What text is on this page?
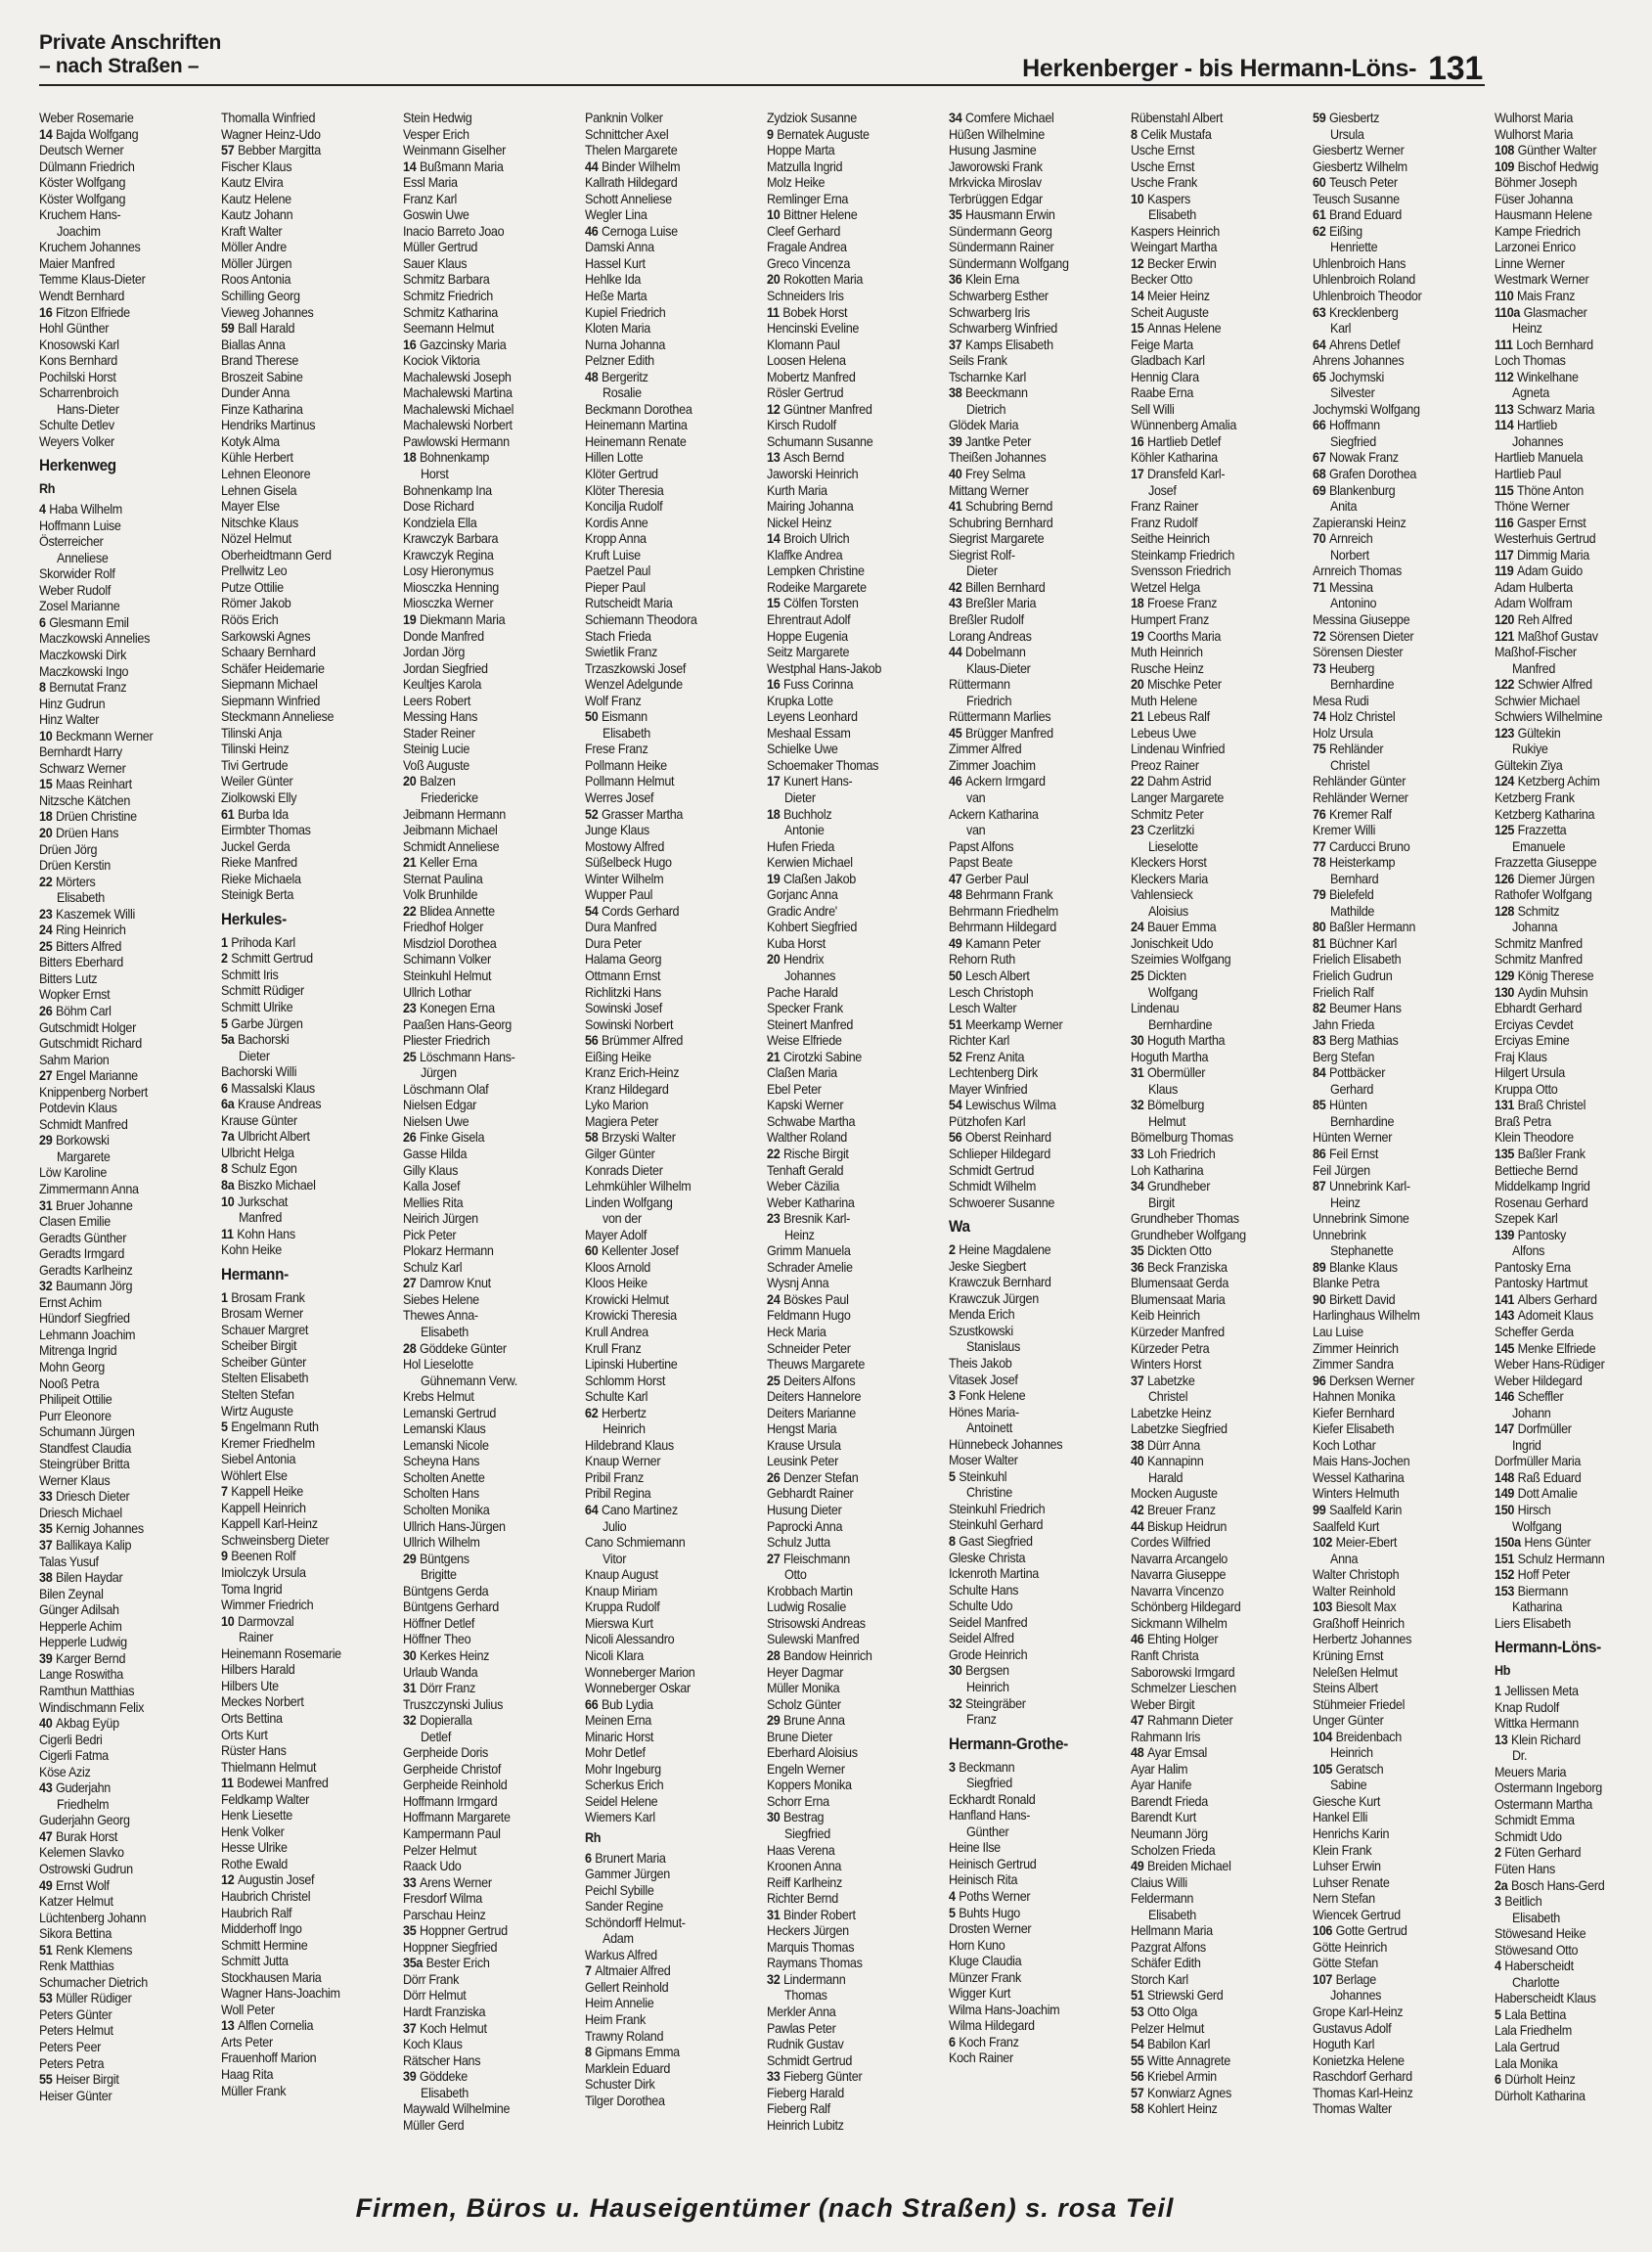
Private Anschriften
– nach Straßen –	Herkenberger - bis Hermann-Löns- 131
Weber Rosemarie
14 Bajda Wolfgang
Deutsch Werner
Dülmann Friedrich
Köster Wolfgang
Köster Wolfgang
Kruchem Hans-
Joachim
Kruchem Johannes
Maier Manfred
Temme Klaus-Dieter
Wendt Bernhard
16 Fitzon Elfriede
Hohl Günther
Knosowski Karl
Kons Bernhard
Pochilski Horst
Scharrenbroich
Hans-Dieter
Schulte Detlev
Weyers Volker
Herkenweg
Rh
4 Haba Wilhelm
Hoffmann Luise
Österreicher
Anneliese
Skorwider Rolf
Weber Rudolf
Zosel Marianne
6 Glesmann Emil
Maczkowski Annelies
Maczkowski Dirk
Maczkowski Ingo
8 Bernutat Franz
Hinz Gudrun
Hinz Walter
10 Beckmann Werner
Bernhardt Harry
Schwarz Werner
15 Maas Reinhart
Nitzsche Kätchen
18 Drüen Christine
20 Drüen Hans
Drüen Jörg
Drüen Kerstin
22 Mörters
Elisabeth
23 Kaszemek Willi
24 Ring Heinrich
25 Bitters Alfred
Bitters Eberhard
Bitters Lutz
Wopker Ernst
26 Böhm Carl
Gutschmidt Holger
Gutschmidt Richard
Sahm Marion
27 Engel Marianne
Knippenberg Norbert
Potdevin Klaus
Schmidt Manfred
29 Borkowski
Margarete
Löw Karoline
Zimmermann Anna
31 Bruer Johanne
Clasen Emilie
Geradts Günther
Geradts Irmgard
Geradts Karlheinz
32 Baumann Jörg
Ernst Achim
Hündorf Siegfried
Lehmann Joachim
Mitrenga Ingrid
Mohn Georg
Nooß Petra
Philipeit Ottilie
Purr Eleonore
Schumann Jürgen
Standfest Claudia
Steingrüber Britta
Werner Klaus
33 Driesch Dieter
Driesch Michael
35 Kernig Johannes
37 Ballikaya Kalip
Talas Yusuf
38 Bilen Haydar
Bilen Zeynal
Günger Adilsah
Hepperle Achim
Hepperle Ludwig
39 Karger Bernd
Lange Roswitha
Ramthun Matthias
Windischmann Felix
40 Akbag Eyüp
Cigerli Bedri
Cigerli Fatma
Köse Aziz
43 Guderjahn
Friedhelm
Guderjahn Georg
47 Burak Horst
Kelemen Slavko
Ostrowski Gudrun
49 Ernst Wolf
Katzer Helmut
Lüchtenberg Johann
Sikora Bettina
51 Renk Klemens
Renk Matthias
Schumacher Dietrich
53 Müller Rüdiger
Peters Günter
Peters Helmut
Peters Peer
Peters Petra
55 Heiser Birgit
Heiser Günter
Thomalla Winfried
Wagner Heinz-Udo
57 Bebber Margitta
Fischer Klaus
Kautz Elvira
Kautz Helene
Kautz Johann
Kraft Walter
Möller Andre
Möller Jürgen
Roos Antonia
Schilling Georg
Vieweg Johannes
59 Ball Harald
Biallas Anna
Brand Therese
Broszeit Sabine
Dunder Anna
Finze Katharina
Hendriks Martinus
Kotyk Alma
Kühle Herbert
Lehnen Eleonore
Lehnen Gisela
Mayer Else
Nitschke Klaus
Nözel Helmut
Oberheidtmann Gerd
Prellwitz Leo
Putze Ottilie
Römer Jakob
Röös Erich
Sarkowski Agnes
Schaary Bernhard
Schäfer Heidemarie
Siepmann Michael
Siepmann Winfried
Steckmann Anneliese
Tilinski Anja
Tilinski Heinz
Tivi Gertrude
Weiler Günter
Ziolkowski Elly
61 Burba Ida
Eirmbter Thomas
Juckel Gerda
Rieke Manfred
Rieke Michaela
Steinigk Berta
Herkules-
1 Prihoda Karl
2 Schmitt Gertrud
Schmitt Iris
Schmitt Rüdiger
Schmitt Ulrike
5 Garbe Jürgen
5a Bachorski
Dieter
Bachorski Willi
6 Massalski Klaus
6a Krause Andreas
Krause Günter
7a Ulbricht Albert
Ulbricht Helga
8 Schulz Egon
8a Biszko Michael
10 Jurkschat
Manfred
11 Kohn Hans
Kohn Heike
Hermann-
1 Brosam Frank
Brosam Werner
Schauer Margret
Scheiber Birgit
Scheiber Günter
Stelten Elisabeth
Stelten Stefan
Wirtz Auguste
5 Engelmann Ruth
Kremer Friedhelm
Siebel Antonia
Wöhlert Else
7 Kappell Heike
Kappell Heinrich
Kappell Karl-Heinz
Schweinsberg Dieter
9 Beenen Rolf
Imiolczyk Ursula
Toma Ingrid
Wimmer Friedrich
10 Darmovzal
Rainer
Heinemann Rosemarie
Hilbers Harald
Hilbers Ute
Meckes Norbert
Orts Bettina
Orts Kurt
Rüster Hans
Thielmann Helmut
11 Bodewei Manfred
Feldkamp Walter
Henk Liesette
Henk Volker
Hesse Ulrike
Rothe Ewald
12 Augustin Josef
Haubrich Christel
Haubrich Ralf
Midderhoff Ingo
Schmitt Hermine
Schmitt Jutta
Stockhausen Maria
Wagner Hans-Joachim
Woll Peter
13 Alflen Cornelia
Arts Peter
Frauenhoff Marion
Haag Rita
Müller Frank
Stein Hedwig
Vesper Erich
Weinmann Giselher
14 Bußmann Maria
Essl Maria
Franz Karl
Goswin Uwe
Inacio Barreto Joao
Müller Gertrud
Sauer Klaus
Schmitz Barbara
Schmitz Friedrich
Schmitz Katharina
Seemann Helmut
16 Gazcinsky Maria
Kociok Viktoria
Machalewski Joseph
Machalewski Martina
Machalewski Michael
Machalewski Norbert
Pawlowski Hermann
18 Bohnenkamp
Horst
Bohnenkamp Ina
Dose Richard
Kondziela Ella
Krawczyk Barbara
Krawczyk Regina
Losy Hieronymus
Miosczka Henning
Miosczka Werner
19 Diekmann Maria
Donde Manfred
Jordan Jörg
Jordan Siegfried
Keultjes Karola
Leers Robert
Messing Hans
Stader Reiner
Steinig Lucie
Voß Auguste
20 Balzen
Friedericke
Jeibmann Hermann
Jeibmann Michael
Schmidt Anneliese
21 Keller Erna
Sternat Paulina
Volk Brunhilde
22 Blidea Annette
Friedhof Holger
Misdziol Dorothea
Schimann Volker
Steinkuhl Helmut
Ullrich Lothar
23 Konegen Erna
Paaßen Hans-Georg
Pliester Friedrich
25 Löschmann Hans-
Jürgen
Löschmann Olaf
Nielsen Edgar
Nielsen Uwe
26 Finke Gisela
Gasse Hilda
Gilly Klaus
Kalla Josef
Mellies Rita
Neirich Jürgen
Pick Peter
Plokarz Hermann
Schulz Karl
27 Damrow Knut
Siebes Helene
Thewes Anna-
Elisabeth
28 Göddeke Günter
Hol Lieselotte
Gühnemann Verw.
Krebs Helmut
Lemanski Gertrud
Lemanski Klaus
Lemanski Nicole
Scheyna Hans
Scholten Anette
Scholten Hans
Scholten Monika
Ullrich Hans-Jürgen
Ullrich Wilhelm
29 Büntgens
Brigitte
Büntgens Gerda
Büntgens Gerhard
Höffner Detlef
Höffner Theo
30 Kerkes Heinz
Urlaub Wanda
31 Dörr Franz
Truszczynski Julius
32 Dopieralla
Detlef
Gerpheide Doris
Gerpheide Christof
Gerpheide Reinhold
Hoffmann Irmgard
Hoffmann Margarete
Kampermann Paul
Pelzer Helmut
Raack Udo
33 Arens Werner
Fresdorf Wilma
Parschau Heinz
35 Hoppner Gertrud
Hoppner Siegfried
35a Bester Erich
Dörr Frank
Dörr Helmut
Hardt Franziska
37 Koch Helmut
Koch Klaus
Rätscher Hans
39 Göddeke
Elisabeth
Maywald Wilhelmine
Müller Gerd
Panknin Volker
Schnittcher Axel
Thelen Margarete
44 Binder Wilhelm
Kallrath Hildegard
Schott Anneliese
Wegler Lina
46 Cernoga Luise
Damski Anna
Hassel Kurt
Hehlke Ida
Heße Marta
Kupiel Friedrich
Kloten Maria
Nurna Johanna
Pelzner Edith
48 Bergeritz
Rosalie
Beckmann Dorothea
Heinemann Martina
Heinemann Renate
Hillen Lotte
Klöter Gertrud
Klöter Theresia
Koncilja Rudolf
Kordis Anne
Kropp Anna
Kruft Luise
Paetzel Paul
Pieper Paul
Rutscheidt Maria
Schiemann Theodora
Stach Frieda
Swietlik Franz
Trzaszkowski Josef
Wenzel Adelgunde
Wolf Franz
50 Eismann
Elisabeth
Frese Franz
Pollmann Heike
Pollmann Helmut
Werres Josef
52 Grasser Martha
Junge Klaus
Mostowy Alfred
Süßelbeck Hugo
Winter Wilhelm
Wupper Paul
54 Cords Gerhard
Dura Manfred
Dura Peter
Halama Georg
Ottmann Ernst
Richlitzki Hans
Sowinski Josef
Sowinski Norbert
56 Brümmer Alfred
Eißing Heike
Kranz Erich-Heinz
Kranz Hildegard
Lyko Marion
Magiera Peter
58 Brzyski Walter
Gilger Günter
Konrads Dieter
Lehmkühler Wilhelm
Linden Wolfgang
von der
Mayer Adolf
60 Kellenter Josef
Kloos Arnold
Kloos Heike
Krowicki Helmut
Krowicki Theresia
Krull Andrea
Krull Franz
Lipinski Hubertine
Schlomm Horst
Schulte Karl
62 Herbertz
Heinrich
Hildebrand Klaus
Knaup Werner
Pribil Franz
Pribil Regina
64 Cano Martinez
Julio
Cano Schmiemann
Vitor
Knaup August
Knaup Miriam
Kruppa Rudolf
Mierswa Kurt
Nicoli Alessandro
Nicoli Klara
Wonneberger Marion
Wonneberger Oskar
66 Bub Lydia
Meinen Erna
Minaric Horst
Mohr Detlef
Mohr Ingeburg
Scherkus Erich
Seidel Helene
Wiemers Karl
Rh
6 Brunert Maria
Gammer Jürgen
Peichl Sybille
Sander Regine
Schöndorff Helmut-
Adam
Warkus Alfred
7 Altmaier Alfred
Gellert Reinhold
Heim Annelie
Heim Frank
Trawny Roland
8 Gipmans Emma
Marklein Eduard
Schuster Dirk
Tilger Dorothea
Zydziok Susanne
9 Bernatek Auguste
Hoppe Marta
Matzulla Ingrid
Molz Heike
Remlinger Erna
10 Bittner Helene
Cleef Gerhard
Fragale Andrea
Greco Vincenza
20 Rokotten Maria
Schneiders Iris
11 Bobek Horst
Hencinski Eveline
Klomann Paul
Loosen Helena
Mobertz Manfred
Rösler Gertrud
12 Güntner Manfred
Kirsch Rudolf
Schumann Susanne
13 Asch Bernd
Jaworski Heinrich
Kurth Maria
Mairing Johanna
Nickel Heinz
14 Broich Ulrich
Klaffke Andrea
Lempken Christine
Rodeike Margarete
15 Cölfen Torsten
Ehrentraut Adolf
Hoppe Eugenia
Seitz Margarete
Westphal Hans-Jakob
16 Fuss Corinna
Krupka Lotte
Leyens Leonhard
Meshaal Essam
Schielke Uwe
Schoemaker Thomas
17 Kunert Hans-
Dieter
18 Buchholz
Antonie
Hufen Frieda
Kerwien Michael
19 Claßen Jakob
Gorjanc Anna
Gradic Andre'
Kohbert Siegfried
Kuba Horst
20 Hendrix
Johannes
Pache Harald
Specker Frank
Steinert Manfred
Weise Elfriede
21 Cirotzki Sabine
Claßen Maria
Ebel Peter
Kapski Werner
Schwabe Martha
Walther Roland
22 Rische Birgit
Tenhaft Gerald
Weber Cäzilia
Weber Katharina
23 Bresnik Karl-
Heinz
Grimm Manuela
Schrader Amelie
Wysnj Anna
24 Böskes Paul
Feldmann Hugo
Heck Maria
Schneider Peter
Theuws Margarete
25 Deiters Alfons
Deiters Hannelore
Deiters Marianne
Hengst Maria
Krause Ursula
Leusink Peter
26 Denzer Stefan
Gebhardt Rainer
Husung Dieter
Paprocki Anna
Schulz Jutta
27 Fleischmann
Otto
Krobbach Martin
Ludwig Rosalie
Strisowski Andreas
Sulewski Manfred
28 Bandow Heinrich
Heyer Dagmar
Müller Monika
Scholz Günter
29 Brune Anna
Brune Dieter
Eberhard Aloisius
Engeln Werner
Koppers Monika
Schorr Erna
30 Bestrag
Siegfried
Haas Verena
Kroonen Anna
Reiff Karlheinz
Richter Bernd
31 Binder Robert
Heckers Jürgen
Marquis Thomas
Raymans Thomas
32 Lindermann
Thomas
Merkler Anna
Pawlas Peter
Rudnik Gustav
Schmidt Gertrud
33 Fieberg Günter
Fieberg Harald
Fieberg Ralf
Heinrich Lubitz
34 Comfere Michael
Hüßen Wilhelmine
Husung Jasmine
Jaworowski Frank
Mrkvicka Miroslav
Terbrüggen Edgar
35 Hausmann Erwin
Sündermann Georg
Sündermann Rainer
Sündermann Wolfgang
36 Klein Erna
Schwarberg Esther
Schwarberg Iris
Schwarberg Winfried
37 Kamps Elisabeth
Seils Frank
Tscharnke Karl
38 Beeckmann
Dietrich
Glödek Maria
39 Jantke Peter
Theißen Johannes
40 Frey Selma
Mittang Werner
41 Schubring Bernd
Schubring Bernhard
Siegrist Margarete
Siegrist Rolf-
Dieter
42 Billen Bernhard
43 Breßler Maria
Breßler Rudolf
Lorang Andreas
44 Dobelmann
Klaus-Dieter
Rüttermann
Friedrich
Rüttermann Marlies
45 Brügger Manfred
Zimmer Alfred
Zimmer Joachim
46 Ackern Irmgard
van
Ackern Katharina
van
Papst Alfons
Papst Beate
47 Gerber Paul
48 Behrmann Frank
Behrmann Friedhelm
Behrmann Hildegard
49 Kamann Peter
Rehorn Ruth
50 Lesch Albert
Lesch Christoph
Lesch Walter
51 Meerkamp Werner
Richter Karl
52 Frenz Anita
Lechtenberg Dirk
Mayer Winfried
54 Lewischus Wilma
Pützhofen Karl
56 Oberst Reinhard
Schlieper Hildegard
Schmidt Gertrud
Schmidt Wilhelm
Schwoerer Susanne
Wa
2 Heine Magdalene
Jeske Siegbert
Krawczuk Bernhard
Krawczuk Jürgen
Menda Erich
Szustkowski
Stanislaus
Theis Jakob
Vitasek Josef
3 Fonk Helene
Hönes Maria-
Antoinett
Hünnebeck Johannes
Moser Walter
5 Steinkuhl
Christine
Steinkuhl Friedrich
Steinkuhl Gerhard
8 Gast Siegfried
Gleske Christa
Ickenroth Martina
Schulte Hans
Schulte Udo
Seidel Manfred
Seidel Alfred
Grode Heinrich
30 Bergsen
Heinrich
32 Steingräber
Franz
Hermann-Grothe-
3 Beckmann
Siegfried
Eckhardt Ronald
Hanfland Hans-
Günther
Heine Ilse
Heinisch Gertrud
Heinisch Rita
4 Poths Werner
5 Buhts Hugo
Drosten Werner
Horn Kuno
Kluge Claudia
Münzer Frank
Wigger Kurt
Wilma Hans-Joachim
Wilma Hildegard
6 Koch Franz
Koch Rainer
Rübenstahl Albert
8 Celik Mustafa
Usche Ernst
Usche Ernst
Usche Frank
10 Kaspers
Elisabeth
Kaspers Heinrich
Weingart Martha
12 Becker Erwin
Becker Otto
14 Meier Heinz
Scheit Auguste
15 Annas Helene
Feige Marta
Gladbach Karl
Hennig Clara
Raabe Erna
Sell Willi
Wünnenberg Amalia
16 Hartlieb Detlef
Köhler Katharina
17 Dransfeld Karl-
Josef
Franz Rainer
Franz Rudolf
Seithe Heinrich
Steinkamp Friedrich
Svensson Friedrich
Wetzel Helga
18 Froese Franz
Humpert Franz
19 Coorths Maria
Muth Heinrich
Rusche Heinz
20 Mischke Peter
Muth Helene
21 Lebeus Ralf
Lebeus Uwe
Lindenau Winfried
Preoz Rainer
22 Dahm Astrid
Langer Margarete
Schmitz Peter
23 Czerlitzki
Lieselotte
Kleckers Horst
Kleckers Maria
Vahlensieck
Aloisius
24 Bauer Emma
Jonischkeit Udo
Szeimies Wolfgang
25 Dickten
Wolfgang
Lindenau
Bernhardine
30 Hoguth Martha
Hoguth Martha
31 Obermüller
Klaus
32 Bömelburg
Helmut
Bömelburg Thomas
33 Loh Friedrich
Loh Katharina
34 Grundheber
Birgit
Grundheber Thomas
Grundheber Wolfgang
35 Dickten Otto
36 Beck Franziska
Blumensaat Gerda
Blumensaat Maria
Keib Heinrich
Kürzeder Manfred
Kürzeder Petra
Winters Horst
37 Labetzke
Christel
Labetzke Heinz
Labetzke Siegfried
38 Dürr Anna
40 Kannapinn
Harald
Mocken Auguste
42 Breuer Franz
44 Biskup Heidrun
Cordes Wilfried
Navarra Arcangelo
Navarra Giuseppe
Navarra Vincenzo
Schönberg Hildegard
Sickmann Wilhelm
46 Ehting Holger
Ranft Christa
Saborowski Irmgard
Schmelzer Lieschen
Weber Birgit
47 Rahmann Dieter
Rahmann Iris
48 Ayar Emsal
Ayar Halim
Ayar Hanife
Barendt Frieda
Barendt Kurt
Neumann Jörg
Scholzen Frieda
49 Breiden Michael
Claius Willi
Feldermann
Elisabeth
Hellmann Maria
Pazgrat Alfons
Schäfer Edith
Storch Karl
51 Striewski Gerd
53 Otto Olga
Pelzer Helmut
54 Babilon Karl
55 Witte Annagrete
56 Kriebel Armin
57 Konwiarz Agnes
58 Kohlert Heinz
59 Giesbertz
Ursula
Giesbertz Werner
Giesbertz Wilhelm
60 Teusch Peter
Teusch Susanne
61 Brand Eduard
62 Eißing
Henriette
Uhlenbroich Hans
Uhlenbroich Roland
Uhlenbroich Theodor
63 Krecklenberg
Karl
64 Ahrens Detlef
Ahrens Johannes
65 Jochymski
Silvester
Jochymski Wolfgang
66 Hoffmann
Siegfried
67 Nowak Franz
68 Grafen Dorothea
69 Blankenburg
Anita
Zapieranski Heinz
70 Arnreich
Norbert
Arnreich Thomas
71 Messina
Antonino
Messina Giuseppe
72 Sörensen Dieter
Sörensen Diester
73 Heuberg
Bernhardine
Mesa Rudi
74 Holz Christel
Holz Ursula
75 Rehländer
Christel
Rehländer Günter
Rehländer Werner
76 Kremer Ralf
Kremer Willi
77 Carducci Bruno
78 Heisterkamp
Bernhard
79 Bielefeld
Mathilde
80 Baßler Hermann
81 Büchner Karl
Frielich Elisabeth
Frielich Gudrun
Frielich Ralf
82 Beumer Hans
Jahn Frieda
83 Berg Mathias
Berg Stefan
84 Pottbäcker
Gerhard
85 Hünten
Bernhardine
Hünten Werner
86 Feil Ernst
Feil Jürgen
87 Unnebrink Karl-
Heinz
Unnebrink Simone
Unnebrink
Stephanette
89 Blanke Klaus
Blanke Petra
90 Birkett David
Harlinghaus Wilhelm
Lau Luise
Zimmer Heinrich
Zimmer Sandra
96 Derksen Werner
Hahnen Monika
Kiefer Bernhard
Kiefer Elisabeth
Koch Lothar
Mais Hans-Jochen
Wessel Katharina
Winters Helmuth
99 Saalfeld Karin
Saalfeld Kurt
102 Meier-Ebert
Anna
Walter Christoph
Walter Reinhold
103 Biesolt Max
Graßhoff Heinrich
Herbertz Johannes
Krüning Ernst
Neleßen Helmut
Steins Albert
Stühmeier Friedel
Unger Günter
104 Breidenbach
Heinrich
105 Geratsch
Sabine
Giesche Kurt
Hankel Elli
Henrichs Karin
Klein Frank
Luhser Erwin
Luhser Renate
Nern Stefan
Wiencek Gertrud
106 Gotte Gertrud
Götte Heinrich
Götte Stefan
107 Berlage
Johannes
Grope Karl-Heinz
Gustavus Adolf
Hoguth Karl
Konietzka Helene
Raschdorf Gerhard
Thomas Karl-Heinz
Thomas Walter
Wulhorst Maria
Wulhorst Maria
108 Günther Walter
109 Bischof Hedwig
Böhmer Joseph
Füser Johanna
Hausmann Helene
Kampe Friedrich
Larzonei Enrico
Linne Werner
Westmark Werner
110 Mais Franz
110a Glasmacher
Heinz
111 Loch Bernhard
Loch Thomas
112 Winkelhane
Agneta
113 Schwarz Maria
114 Hartlieb
Johannes
Hartlieb Manuela
Hartlieb Paul
115 Thöne Anton
Thöne Werner
116 Gasper Ernst
Westerhuis Gertrud
117 Dimmig Maria
119 Adam Guido
Adam Hulberta
Adam Wolfram
120 Reh Alfred
121 Maßhof Gustav
Maßhof-Fischer
Manfred
122 Schwier Alfred
Schwier Michael
Schwiers Wilhelmine
123 Gültekin
Rukiye
Gültekin Ziya
124 Ketzberg Achim
Ketzberg Frank
Ketzberg Katharina
125 Frazzetta
Emanuele
Frazzetta Giuseppe
126 Diemer Jürgen
Rathofer Wolfgang
128 Schmitz
Johanna
Schmitz Manfred
Schmitz Manfred
129 König Therese
130 Aydin Muhsin
Ebhardt Gerhard
Erciyas Cevdet
Erciyas Emine
Fraj Klaus
Hilgert Ursula
Kruppa Otto
131 Braß Christel
Braß Petra
Klein Theodore
135 Baßler Frank
Bettieche Bernd
Middelkamp Ingrid
Rosenau Gerhard
Szepek Karl
139 Pantosky
Alfons
Pantosky Erna
Pantosky Hartmut
141 Albers Gerhard
143 Adomeit Klaus
Scheffer Gerda
145 Menke Elfriede
Weber Hans-Rüdiger
Weber Hildegard
146 Scheffler
Johann
147 Dorfmüller
Ingrid
Dorfmüller Maria
148 Raß Eduard
149 Dott Amalie
150 Hirsch
Wolfgang
150a Hens Günter
151 Schulz Hermann
152 Hoff Peter
153 Biermann
Katharina
Liers Elisabeth
Hermann-Löns-
Hb
1 Jellissen Meta
Knap Rudolf
Wittka Hermann
13 Klein Richard
Dr.
Meuers Maria
Ostermann Ingeborg
Ostermann Martha
Schmidt Emma
Schmidt Udo
2 Füten Gerhard
Füten Hans
2a Bosch Hans-Gerd
3 Beitlich
Elisabeth
Stöwesand Heike
Stöwesand Otto
4 Haberscheidt
Charlotte
Haberscheidt Klaus
5 Lala Bettina
Lala Friedhelm
Lala Gertrud
Lala Monika
6 Dürholt Heinz
Dürholt Katharina
Firmen, Büros u. Hauseigentümer (nach Straßen) s. rosa Teil
